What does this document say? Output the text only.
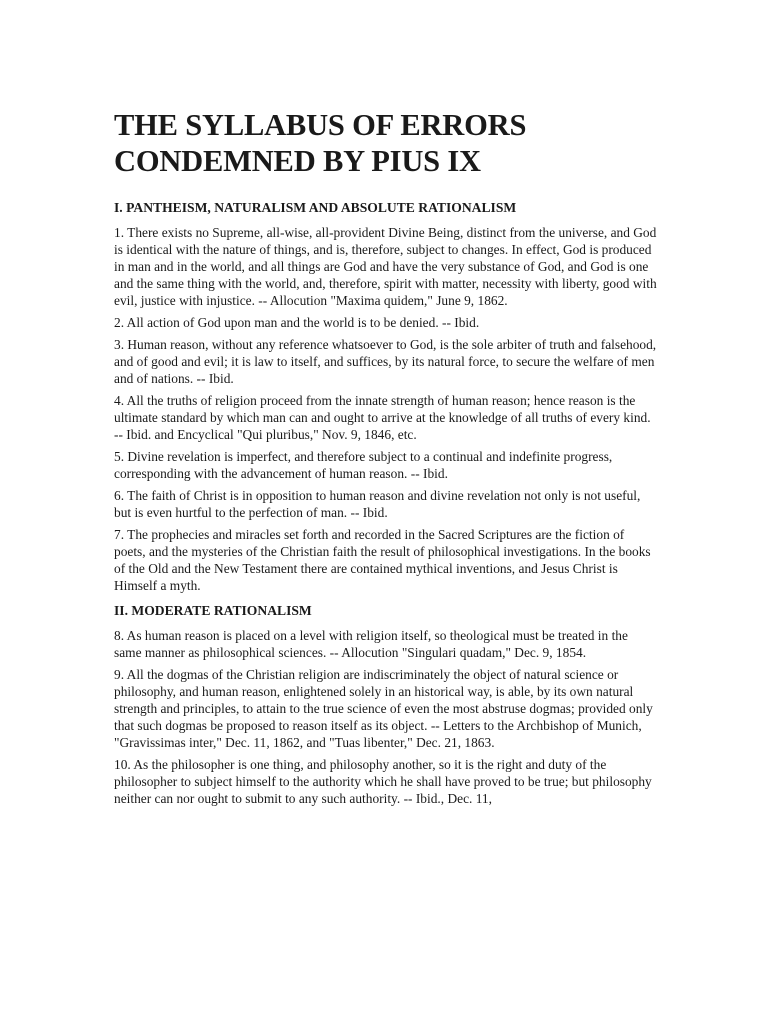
THE SYLLABUS OF ERRORS
CONDEMNED BY PIUS IX
I. PANTHEISM, NATURALISM AND ABSOLUTE RATIONALISM

1. There exists no Supreme, all-wise, all-provident Divine Being, distinct from the universe, and God is identical with the nature of things, and is, therefore, subject to changes. In effect, God is produced in man and in the world, and all things are God and have the very substance of God, and God is one and the same thing with the world, and, therefore, spirit with matter, necessity with liberty, good with evil, justice with injustice. -- Allocution "Maxima quidem," June 9, 1862.

2. All action of God upon man and the world is to be denied. -- Ibid.

3. Human reason, without any reference whatsoever to God, is the sole arbiter of truth and falsehood, and of good and evil; it is law to itself, and suffices, by its natural force, to secure the welfare of men and of nations. -- Ibid.

4. All the truths of religion proceed from the innate strength of human reason; hence reason is the ultimate standard by which man can and ought to arrive at the knowledge of all truths of every kind. -- Ibid. and Encyclical "Qui pluribus," Nov. 9, 1846, etc.

5. Divine revelation is imperfect, and therefore subject to a continual and indefinite progress, corresponding with the advancement of human reason. -- Ibid.

6. The faith of Christ is in opposition to human reason and divine revelation not only is not useful, but is even hurtful to the perfection of man. -- Ibid.

7. The prophecies and miracles set forth and recorded in the Sacred Scriptures are the fiction of poets, and the mysteries of the Christian faith the result of philosophical investigations. In the books of the Old and the New Testament there are contained mythical inventions, and Jesus Christ is Himself a myth.

II. MODERATE RATIONALISM

8. As human reason is placed on a level with religion itself, so theological must be treated in the same manner as philosophical sciences. -- Allocution "Singulari quadam," Dec. 9, 1854.

9. All the dogmas of the Christian religion are indiscriminately the object of natural science or philosophy, and human reason, enlightened solely in an historical way, is able, by its own natural strength and principles, to attain to the true science of even the most abstruse dogmas; provided only that such dogmas be proposed to reason itself as its object. -- Letters to the Archbishop of Munich, "Gravissimas inter," Dec. 11, 1862, and "Tuas libenter," Dec. 21, 1863.

10. As the philosopher is one thing, and philosophy another, so it is the right and duty of the philosopher to subject himself to the authority which he shall have proved to be true; but philosophy neither can nor ought to submit to any such authority. -- Ibid., Dec. 11,
